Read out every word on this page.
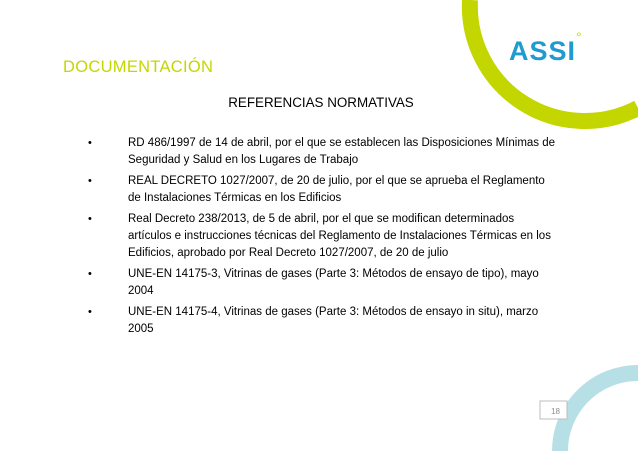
ASSI °
DOCUMENTACIÓN
REFERENCIAS NORMATIVAS
•	RD 486/1997 de 14 de abril, por el que se establecen las Disposiciones Mínimas de Seguridad y Salud en los Lugares de Trabajo
•	REAL DECRETO 1027/2007, de 20 de julio, por el que se aprueba el Reglamento de Instalaciones Térmicas en los Edificios
•	Real Decreto 238/2013, de 5 de abril, por el que se modifican determinados artículos e instrucciones técnicas del Reglamento de Instalaciones Térmicas en los Edificios, aprobado por Real Decreto 1027/2007, de 20 de julio
•	UNE-EN 14175-3, Vitrinas de gases (Parte 3: Métodos de ensayo de tipo), mayo 2004
•	UNE-EN 14175-4, Vitrinas de gases (Parte 3: Métodos de ensayo in situ), marzo 2005
18
